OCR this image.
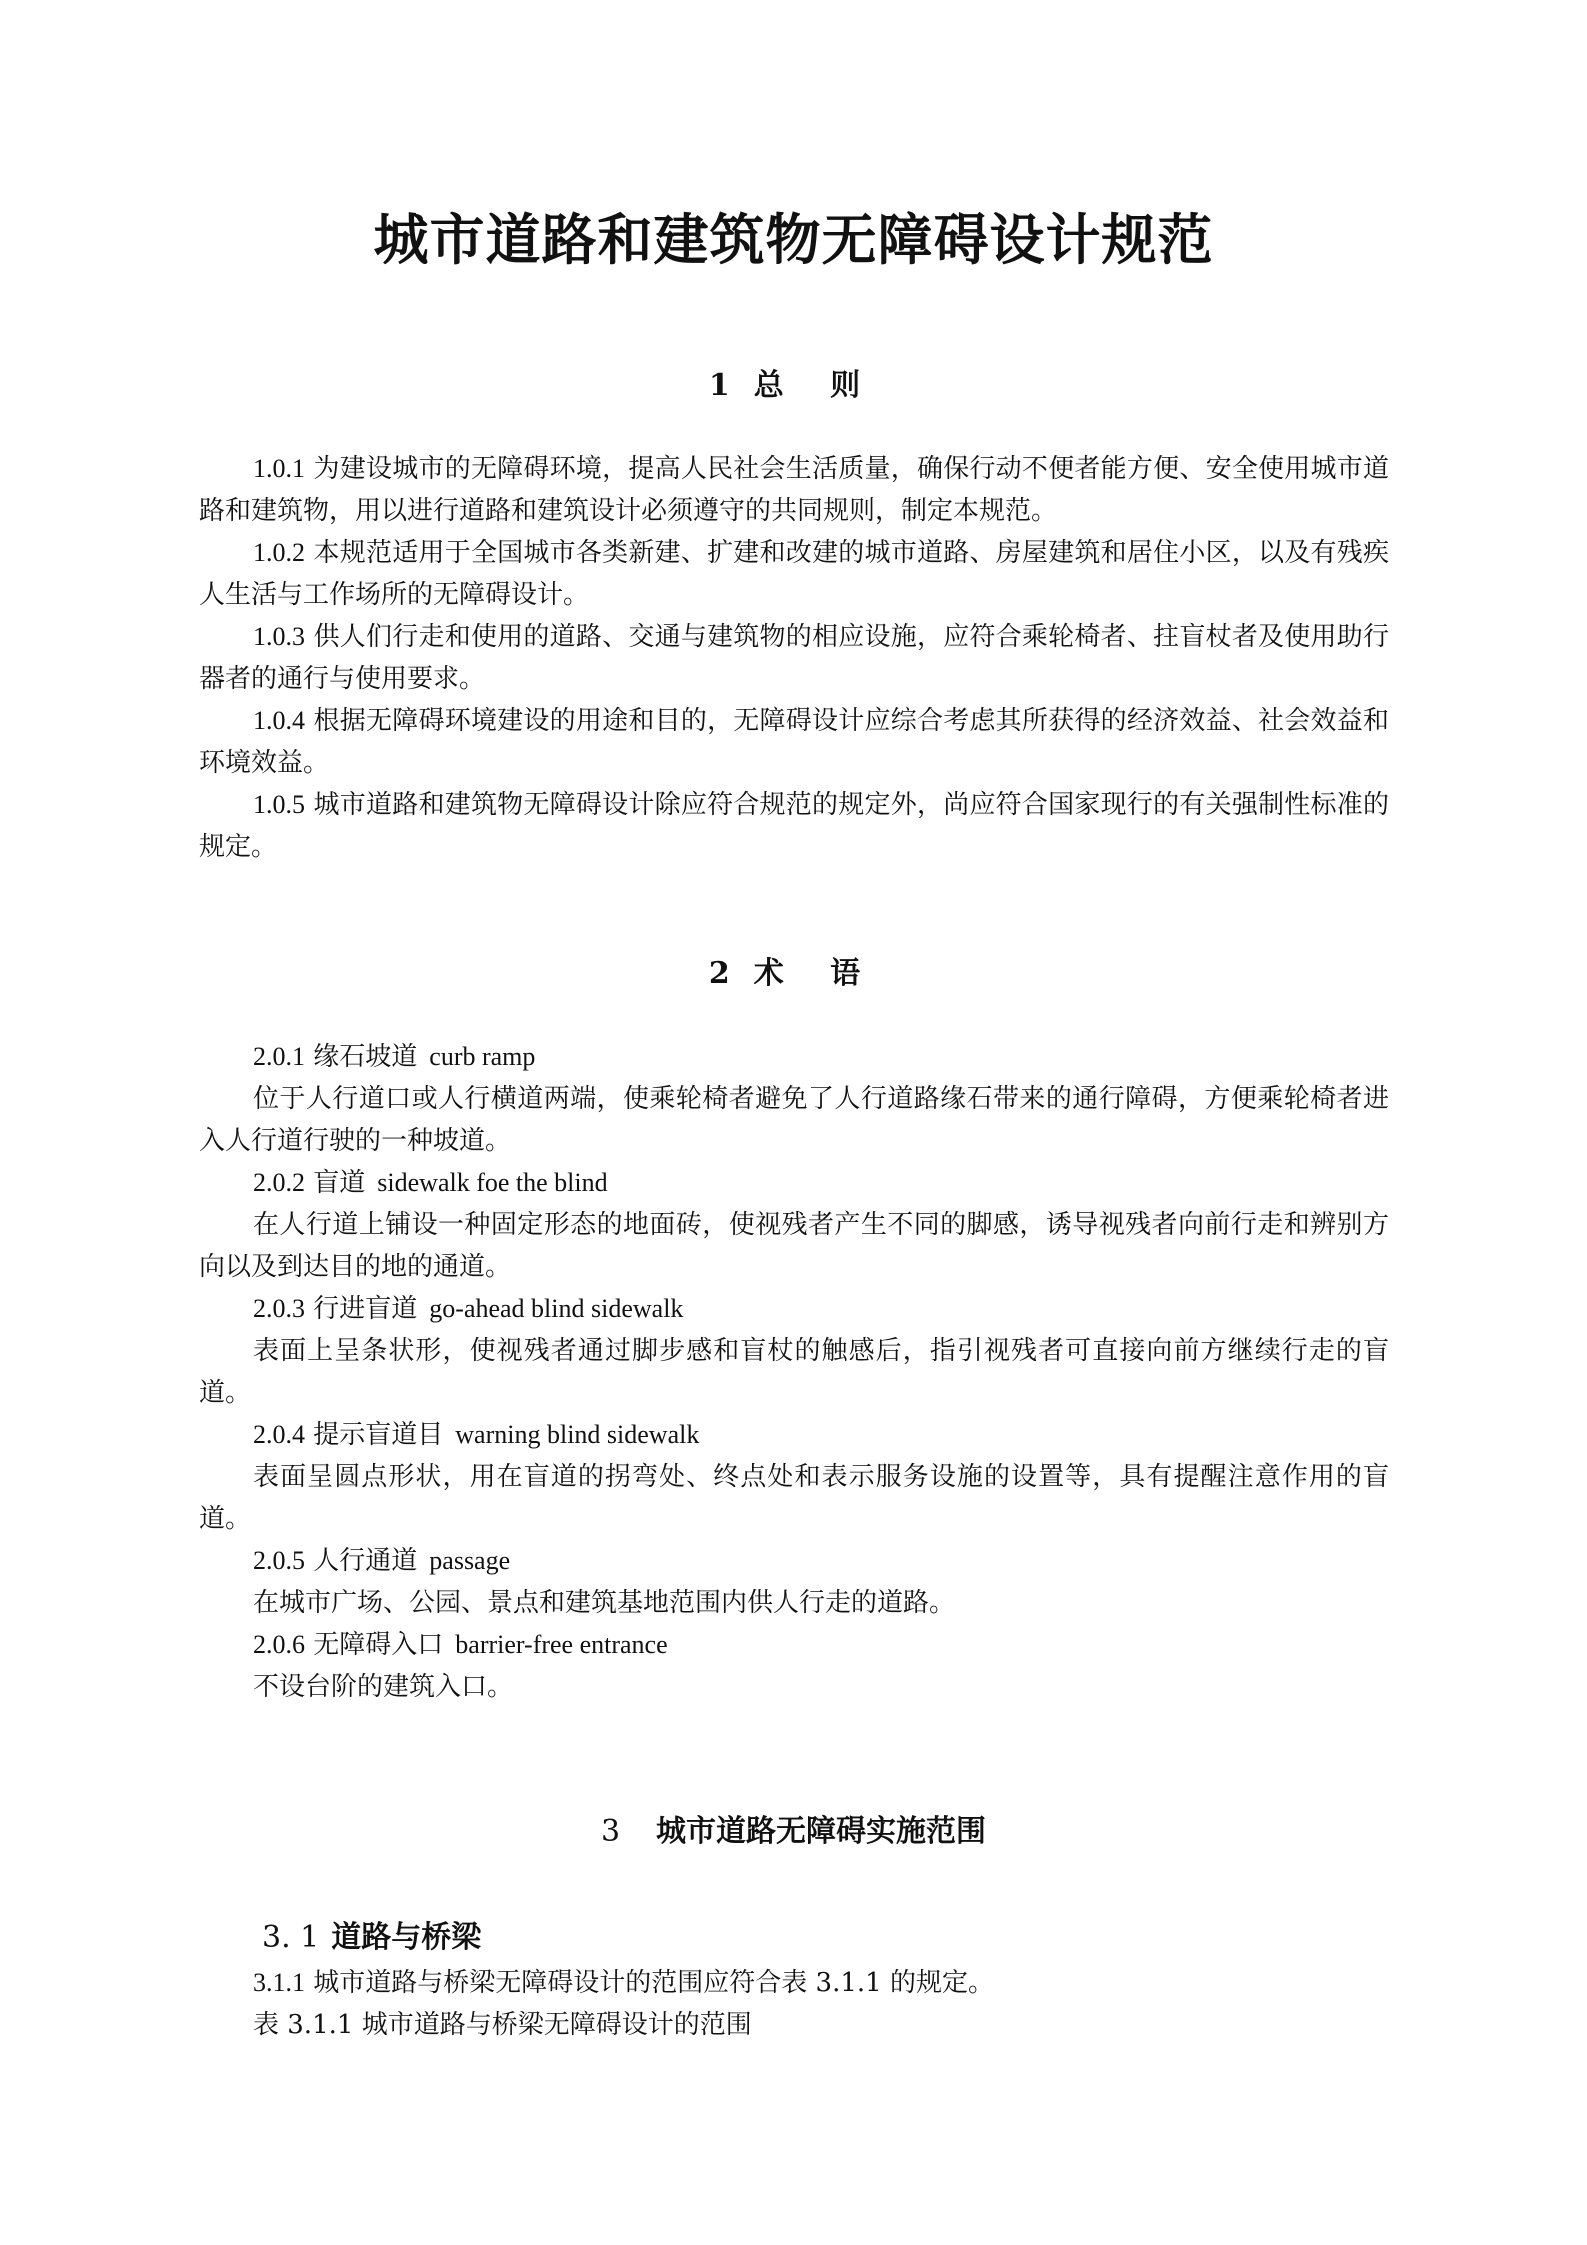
城市道路和建筑物无障碍设计规范
1 总 则

1.0.1 为建设城市的无障碍环境，提高人民社会生活质量，确保行动不便者能方便、安全使用城市道路和建筑物，用以进行道路和建筑设计必须遵守的共同规则，制定本规范。

1.0.2 本规范适用于全国城市各类新建、扩建和改建的城市道路、房屋建筑和居住小区，以及有残疾人生活与工作场所的无障碍设计。

1.0.3 供人们行走和使用的道路、交通与建筑物的相应设施，应符合乘轮椅者、拄盲杖者及使用助行器者的通行与使用要求。

1.0.4 根据无障碍环境建设的用途和目的，无障碍设计应综合考虑其所获得的经济效益、社会效益和环境效益。

1.0.5 城市道路和建筑物无障碍设计除应符合规范的规定外，尚应符合国家现行的有关强制性标准的规定。

2 术 语

2.0.1 缘石坡道 curb ramp

位于人行道口或人行横道两端，使乘轮椅者避免了人行道路缘石带来的通行障碍，方便乘轮椅者进入人行道行驶的一种坡道。

2.0.2 盲道 sidewalk foe the blind

在人行道上铺设一种固定形态的地面砖，使视残者产生不同的脚感，诱导视残者向前行走和辨别方向以及到达目的地的通道。

2.0.3 行进盲道 go-ahead blind sidewalk

表面上呈条状形，使视残者通过脚步感和盲杖的触感后，指引视残者可直接向前方继续行走的盲道。

2.0.4 提示盲道目 warning blind sidewalk

表面呈圆点形状，用在盲道的拐弯处、终点处和表示服务设施的设置等，具有提醒注意作用的盲道。

2.0.5 人行通道 passage

在城市广场、公园、景点和建筑基地范围内供人行走的道路。

2.0.6 无障碍入口 barrier-free entrance

不设台阶的建筑入口。

3 城市道路无障碍实施范围
3. 1 道路与桥梁

3.1.1 城市道路与桥梁无障碍设计的范围应符合表 3.1.1 的规定。

表 3.1.1 城市道路与桥梁无障碍设计的范围
